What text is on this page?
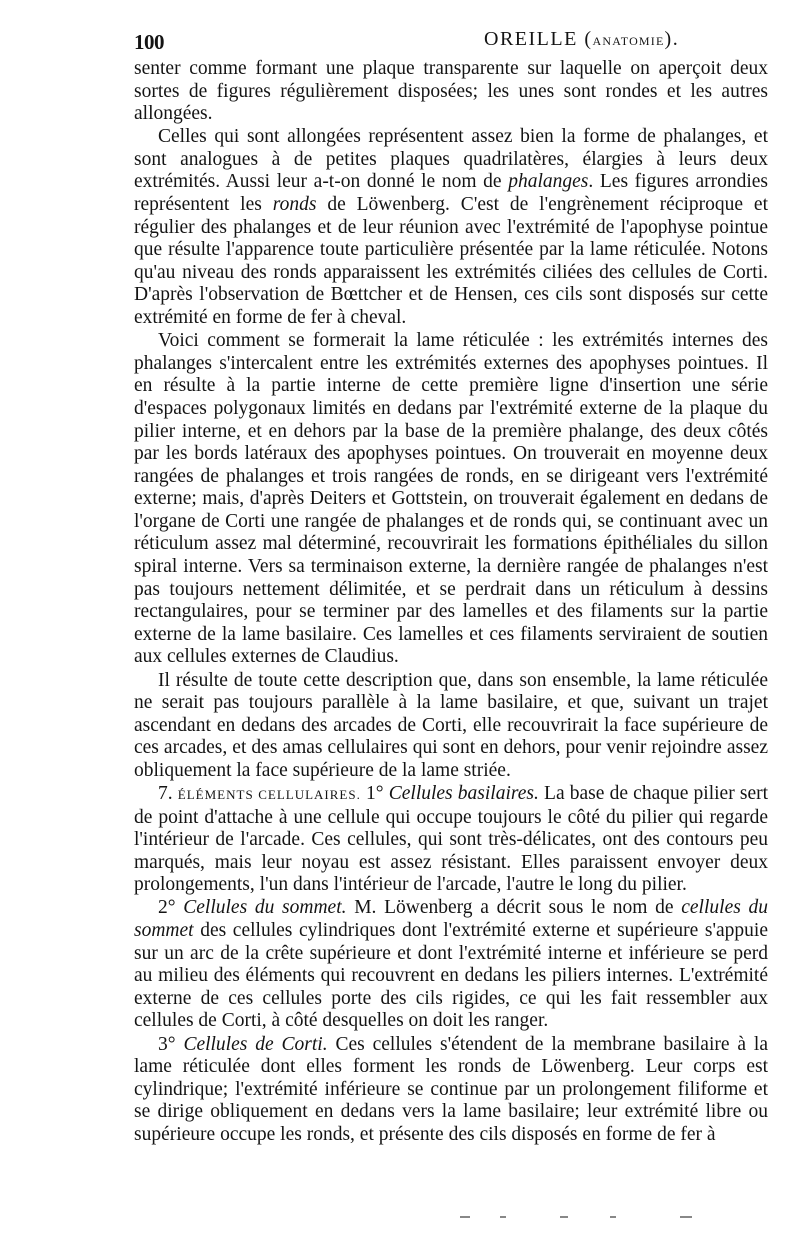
100	OREILLE (ANATOMIE).

senter comme formant une plaque transparente sur laquelle on aperçoit deux sortes de figures régulièrement disposées; les unes sont rondes et les autres allongées.

Celles qui sont allongées représentent assez bien la forme de phalanges, et sont analogues à de petites plaques quadrilatères, élargies à leurs deux extrémités. Aussi leur a-t-on donné le nom de phalanges. Les figures arrondies représentent les ronds de Löwenberg. C'est de l'engrènement réciproque et régulier des phalanges et de leur réunion avec l'extrémité de l'apophyse pointue que résulte l'apparence toute particulière présentée par la lame réticulée. Notons qu'au niveau des ronds apparaissent les extrémités ciliées des cellules de Corti. D'après l'observation de Bœttcher et de Hensen, ces cils sont disposés sur cette extrémité en forme de fer à cheval.

Voici comment se formerait la lame réticulée : les extrémités internes des phalanges s'intercalent entre les extrémités externes des apophyses pointues. Il en résulte à la partie interne de cette première ligne d'insertion une série d'espaces polygonaux limités en dedans par l'extrémité externe de la plaque du pilier interne, et en dehors par la base de la première phalange, des deux côtés par les bords latéraux des apophyses pointues. On trouverait en moyenne deux rangées de phalanges et trois rangées de ronds, en se dirigeant vers l'extrémité externe; mais, d'après Deiters et Gottstein, on trouverait également en dedans de l'organe de Corti une rangée de phalanges et de ronds qui, se continuant avec un réticulum assez mal déterminé, recouvrirait les formations épithéliales du sillon spiral interne. Vers sa terminaison externe, la dernière rangée de phalanges n'est pas toujours nettement délimitée, et se perdrait dans un réticulum à dessins rectangulaires, pour se terminer par des lamelles et des filaments sur la partie externe de la lame basilaire. Ces lamelles et ces filaments serviraient de soutien aux cellules externes de Claudius.

Il résulte de toute cette description que, dans son ensemble, la lame réticulée ne serait pas toujours parallèle à la lame basilaire, et que, suivant un trajet ascendant en dedans des arcades de Corti, elle recouvrirait la face supérieure de ces arcades, et des amas cellulaires qui sont en dehors, pour venir rejoindre assez obliquement la face supérieure de la lame striée.

7. ÉLÉMENTS CELLULAIRES. 1° Cellules basilaires. La base de chaque pilier sert de point d'attache à une cellule qui occupe toujours le côté du pilier qui regarde l'intérieur de l'arcade. Ces cellules, qui sont très-délicates, ont des contours peu marqués, mais leur noyau est assez résistant. Elles paraissent envoyer deux prolongements, l'un dans l'intérieur de l'arcade, l'autre le long du pilier.

2° Cellules du sommet. M. Löwenberg a décrit sous le nom de cellules du sommet des cellules cylindriques dont l'extrémité externe et supérieure s'appuie sur un arc de la crête supérieure et dont l'extrémité interne et inférieure se perd au milieu des éléments qui recouvrent en dedans les piliers internes. L'extrémité externe de ces cellules porte des cils rigides, ce qui les fait ressembler aux cellules de Corti, à côté desquelles on doit les ranger.

3° Cellules de Corti. Ces cellules s'étendent de la membrane basilaire à la lame réticulée dont elles forment les ronds de Löwenberg. Leur corps est cylindrique; l'extrémité inférieure se continue par un prolongement filiforme et se dirige obliquement en dedans vers la lame basilaire; leur extrémité libre ou supérieure occupe les ronds, et présente des cils disposés en forme de fer à
